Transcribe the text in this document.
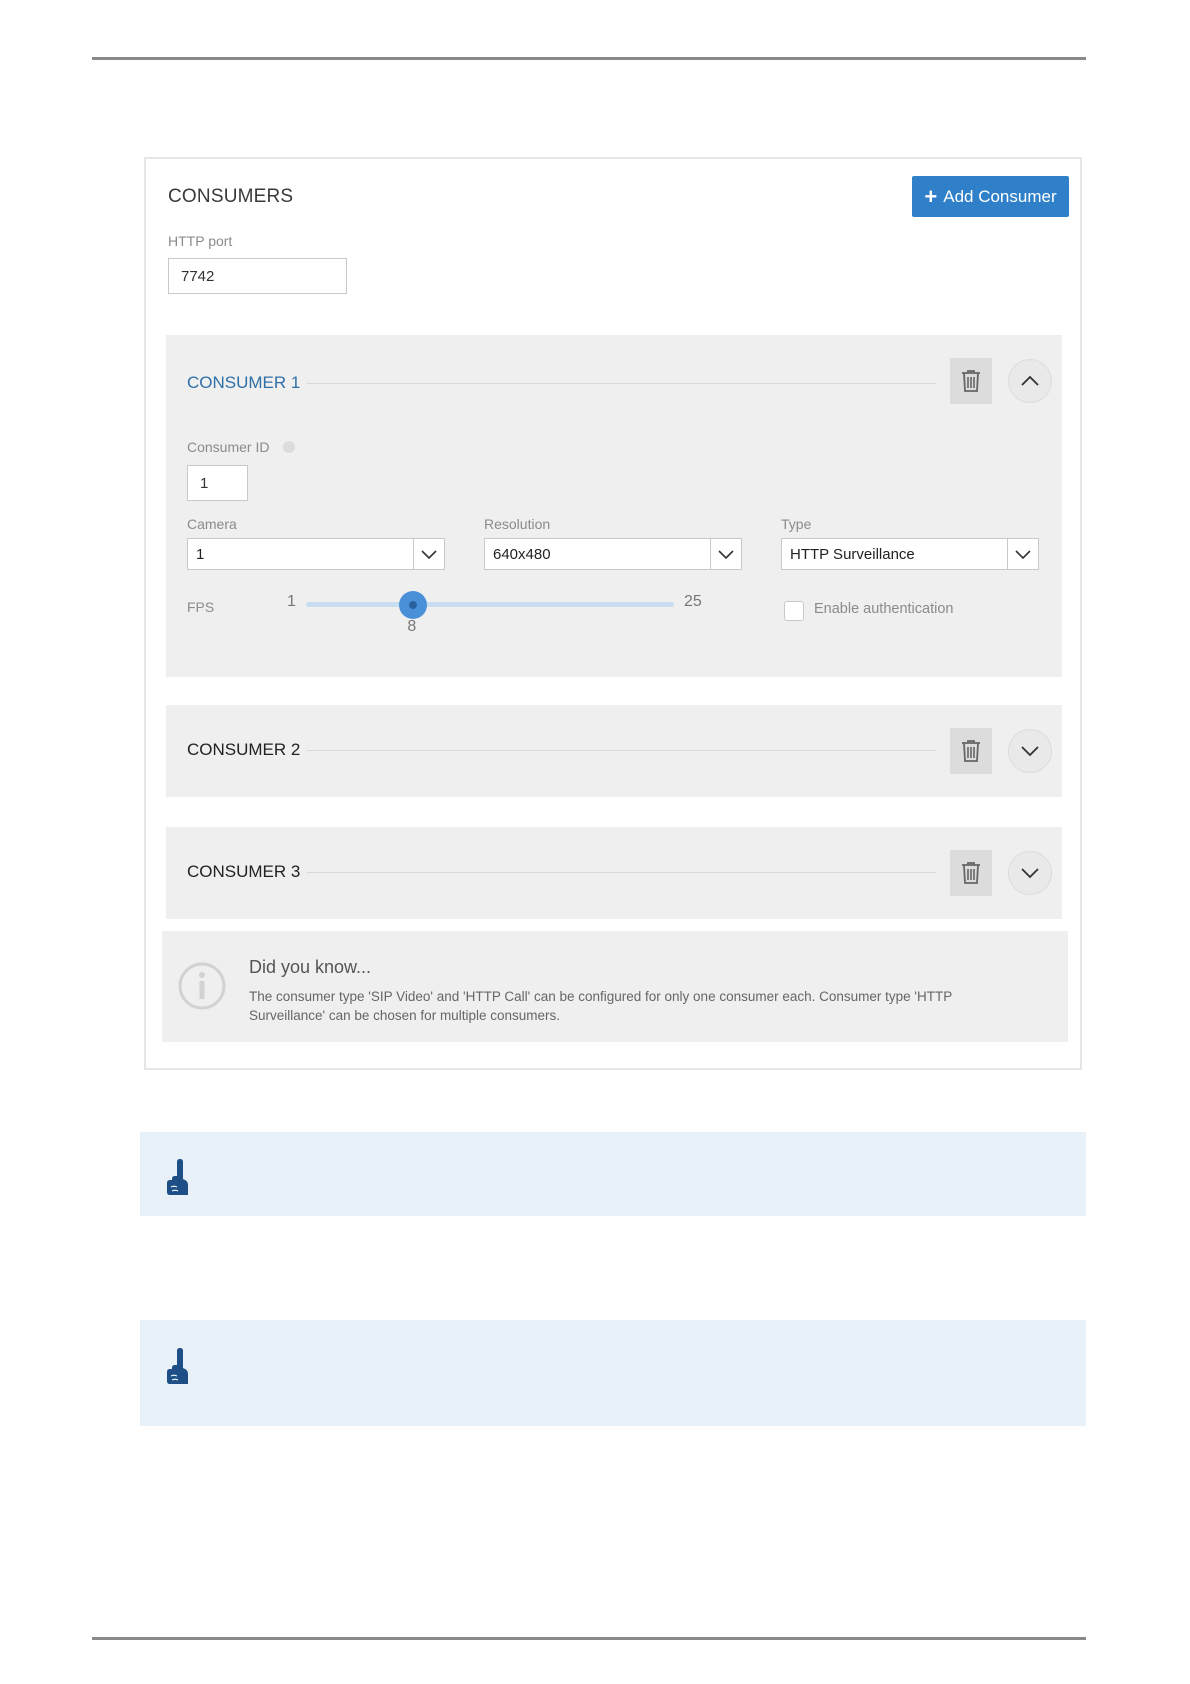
CONSUMERS	+ Add Consumer
HTTP port
7742
CONSUMER 1
Consumer ID
1
Camera
1
Resolution
640x480
Type
HTTP Surveillance
FPS	1	25
8
Enable authentication
CONSUMER 2
CONSUMER 3
Did you know...
The consumer type 'SIP Video' and 'HTTP Call' can be configured for only one consumer each. Consumer type 'HTTP Surveillance' can be chosen for multiple consumers.
